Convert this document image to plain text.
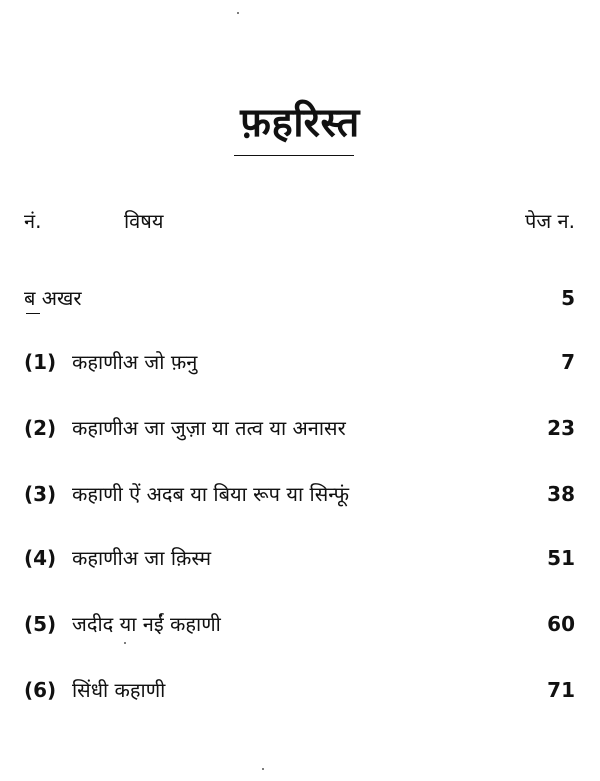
फ़हरिस्त
नं.	विषय	पेज न.
ब अखर	5
(1) कहाणीअ जो फ़नु	7
(2) कहाणीअ जा जुज़ा या तत्व या अनासर	23
(3) कहाणी ऐं अदब या बिया रूप या सिन्फूं	38
(4) कहाणीअ जा क़िस्म	51
(5) जदीद या नईं कहाणी	60
(6) सिंधी कहाणी	71
